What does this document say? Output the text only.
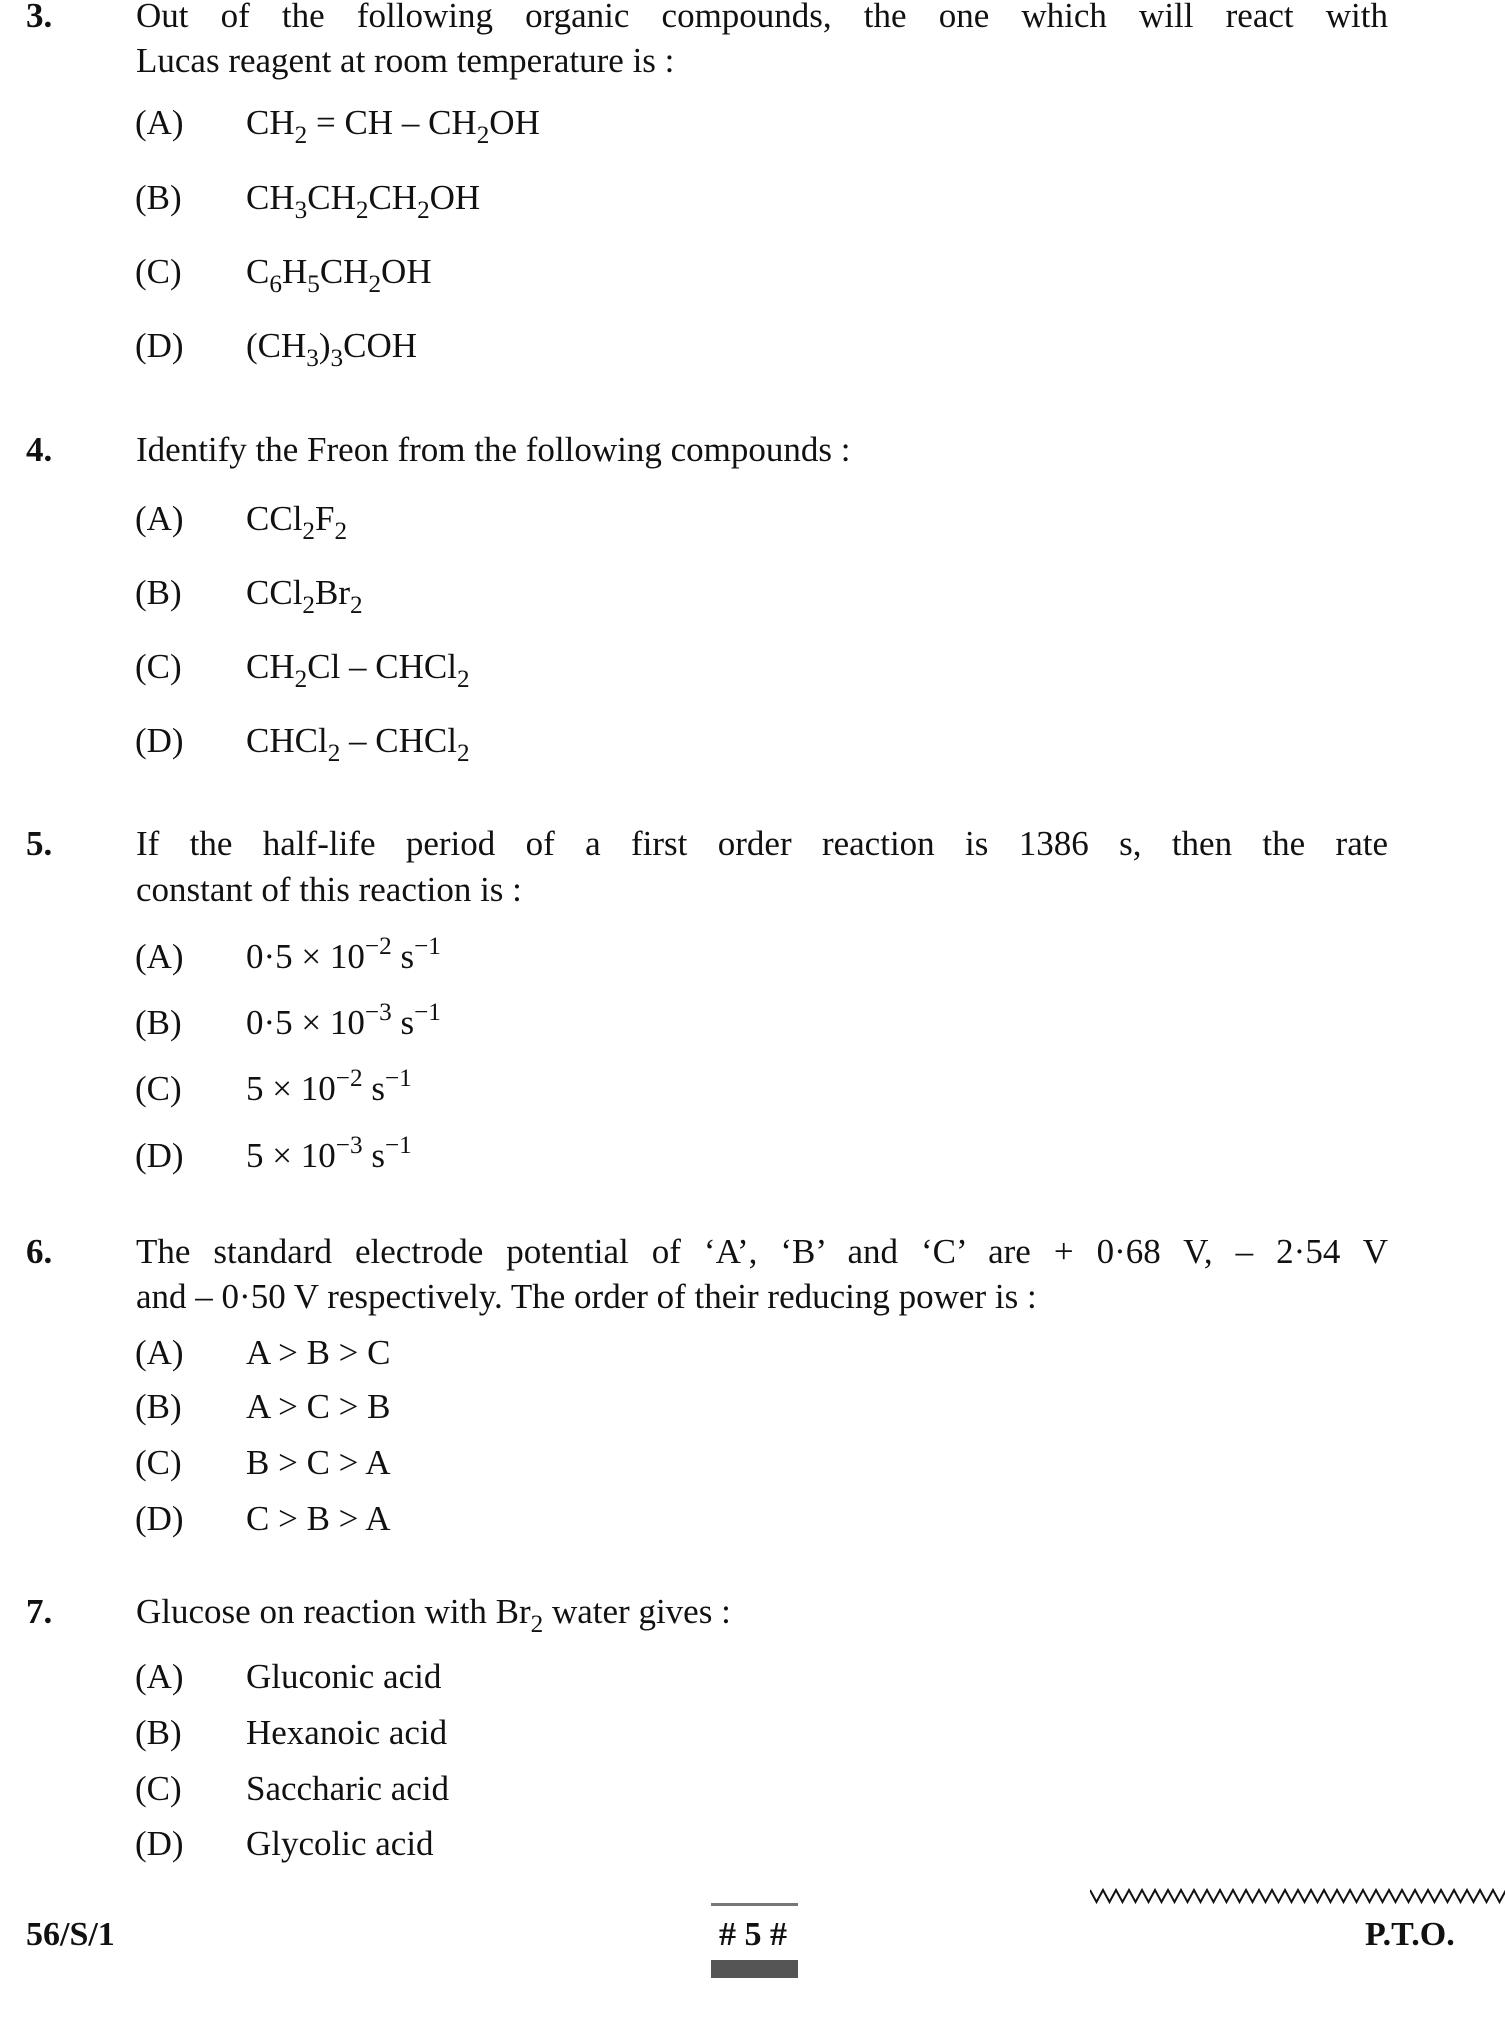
3. Out of the following organic compounds, the one which will react with
Lucas reagent at room temperature is :
(A) $CH_2$ = CH – $CH_2OH$
(B) $CH_3CH_2CH_2OH$
(C) $C_6H_5CH_2OH$
(D) $(CH_3)_3COH$
4. Identify the Freon from the following compounds :
(A) $CCl_2F_2$
(B) $CCl_2Br_2$
(C) $CH_2Cl$ – CHCl$_2$
(D) CHCl$_2$ – CHCl$_2$
5. If the half-life period of a first order reaction is 1386 s, then the rate
constant of this reaction is :
(A) $0\cdot 5 \times 10^{-2}$ $s^{-1}$
(B) $0\cdot 5 \times 10^{-3}$ $s^{-1}$
(C) $5 \times 10^{-2}$ $s^{-1}$
(D) $5 \times 10^{-3}$ $s^{-1}$
6. The standard electrode potential of ‘A’, ‘B’ and ‘C’ are + 0·68 V, – 2·54 V
and – 0·50 V respectively. The order of their reducing power is :
(A) A > B > C
(B) A > C > B
(C) B > C > A
(D) C > B > A
7. Glucose on reaction with $Br_2$ water gives :
(A) Gluconic acid
(B) Hexanoic acid
(C) Saccharic acid
(D) Glycolic acid
56/S/1	# 5 #	P.T.O.
